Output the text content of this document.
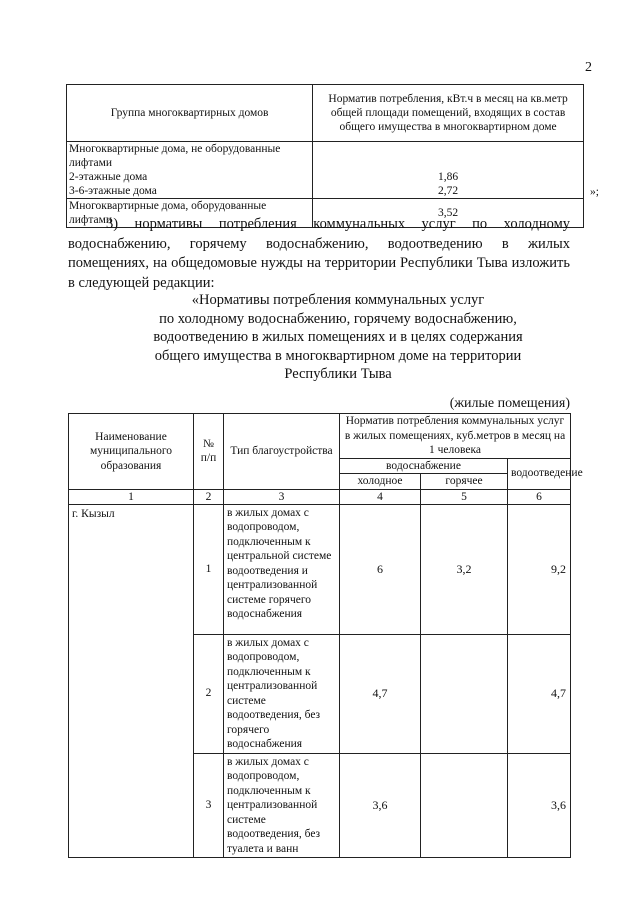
2
Группа многоквартирных домов	Норматив потребления, кВт.ч в месяц на кв.метр общей площади помещений, входящих в состав общего имущества в многоквартирном доме
Многоквартирные дома, не оборудованные лифтами	
2-этажные дома	1,86
3-6-этажные дома	2,72
Многоквартирные дома, оборудованные лифтами	3,52
»;
3) нормативы потребления коммунальных услуг по холодному водоснабжению, горячему водоснабжению, водоотведению в жилых помещениях, на общедомовые нужды на территории Республики Тыва изложить в следующей редакции:
«Нормативы потребления коммунальных услуг
по холодному водоснабжению, горячему водоснабжению,
водоотведению в жилых помещениях и в целях содержания
общего имущества в многоквартирном доме на территории
Республики Тыва
(жилые помещения)
Наименование муниципального образования	№ п/п	Тип благоустройства	Норматив потребления коммунальных услуг в жилых помещениях, куб.метров в месяц на 1 человека		
			водоснабжение		водоотведение
			холодное	горячее	
1	2	3	4	5	6
г. Кызыл	1	в жилых домах с водопроводом, подключенным к центральной системе водоотведения и централизованной системе горячего водоснабжения	6	3,2	9,2
	2	в жилых домах с водопроводом, подключенным к централизованной системе водоотведения, без горячего водоснабжения	4,7		4,7
	3	в жилых домах с водопроводом, подключенным к централизованной системе водоотведения, без туалета и ванн	3,6		3,6
